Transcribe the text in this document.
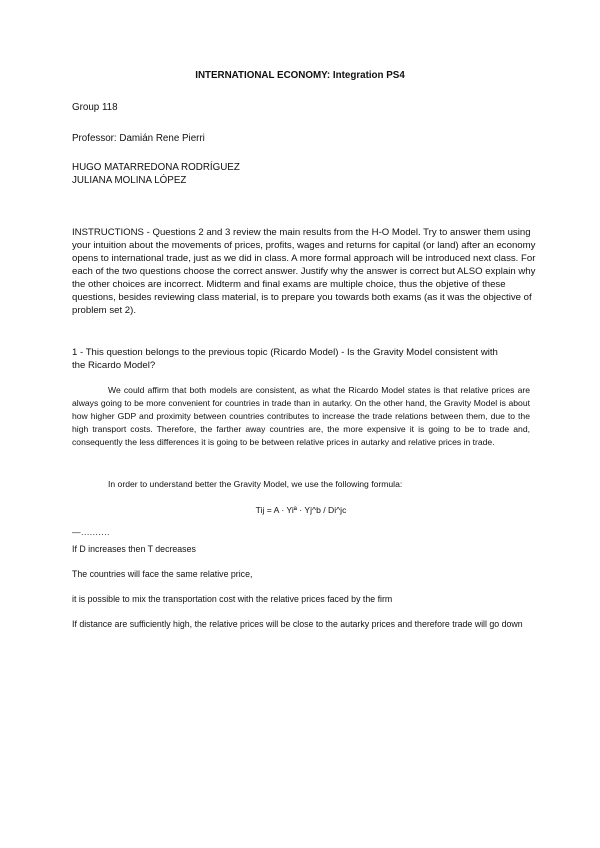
INTERNATIONAL ECONOMY: Integration PS4

Group 118

Professor: Damián Rene Pierri

HUGO MATARREDONA RODRÍGUEZ

JULIANA MOLINA LÓPEZ

INSTRUCTIONS - Questions 2 and 3 review the main results from the H-O Model. Try to answer them using your intuition about the movements of prices, profits, wages and returns for capital (or land) after an economy opens to international trade, just as we did in class. A more formal approach will be introduced next class. For each of the two questions choose the correct answer. Justify why the answer is correct but ALSO explain why the other choices are incorrect. Midterm and final exams are multiple choice, thus the objetive of these questions, besides reviewing class material, is to prepare you towards both exams (as it was the objective of problem set 2).

1 - This question belongs to the previous topic (Ricardo Model) - Is the Gravity Model consistent with the Ricardo Model?

We could affirm that both models are consistent, as what the Ricardo Model states is that relative prices are always going to be more convenient for countries in trade than in autarky. On the other hand, the Gravity Model is about how higher GDP and proximity between countries contributes to increase the trade relations between them, due to the high transport costs. Therefore, the farther away countries are, the more expensive it is going to be to trade and, consequently the less differences it is going to be between relative prices in autarky and relative prices in trade.

In order to understand better the Gravity Model, we use the following formula:

Tij = A · Yiª · Yj^b / Di^jc

—..........

If D increases then T decreases

The countries will face the same relative price,

it is possible to mix the transportation cost with the relative prices faced by the firm

If distance are sufficiently high, the relative prices will be close to the autarky prices and therefore trade will go down
